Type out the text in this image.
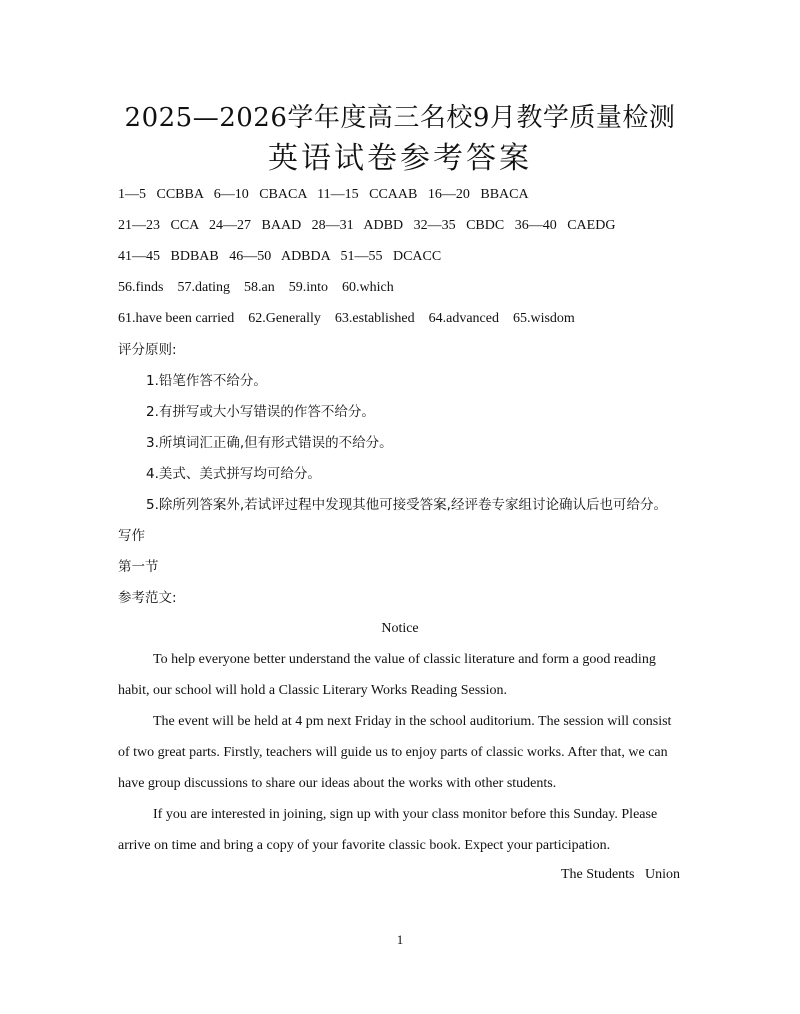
2025—2026学年度高三名校9月教学质量检测
英语试卷参考答案
1—5   CCBBA   6—10   CBACA   11—15   CCAAB   16—20   BBACA
21—23   CCA   24—27   BAAD   28—31   ADBD   32—35   CBDC   36—40   CAEDG
41—45   BDBAB   46—50   ADBDA   51—55   DCACC
56.finds    57.dating    58.an    59.into    60.which
61.have been carried    62.Generally    63.established    64.advanced    65.wisdom
评分原则:
1.铅笔作答不给分。
2.有拼写或大小写错误的作答不给分。
3.所填词汇正确,但有形式错误的不给分。
4.美式、美式拼写均可给分。
5.除所列答案外,若试评过程中发现其他可接受答案,经评卷专家组讨论确认后也可给分。
写作
第一节
参考范文:
Notice
To help everyone better understand the value of classic literature and form a good reading
habit, our school will hold a Classic Literary Works Reading Session.
The event will be held at 4 pm next Friday in the school auditorium. The session will consist
of two great parts. Firstly, teachers will guide us to enjoy parts of classic works. After that, we can
have group discussions to share our ideas about the works with other students.
If you are interested in joining, sign up with your class monitor before this Sunday. Please
arrive on time and bring a copy of your favorite classic book. Expect your participation.
The Students   Union
1
